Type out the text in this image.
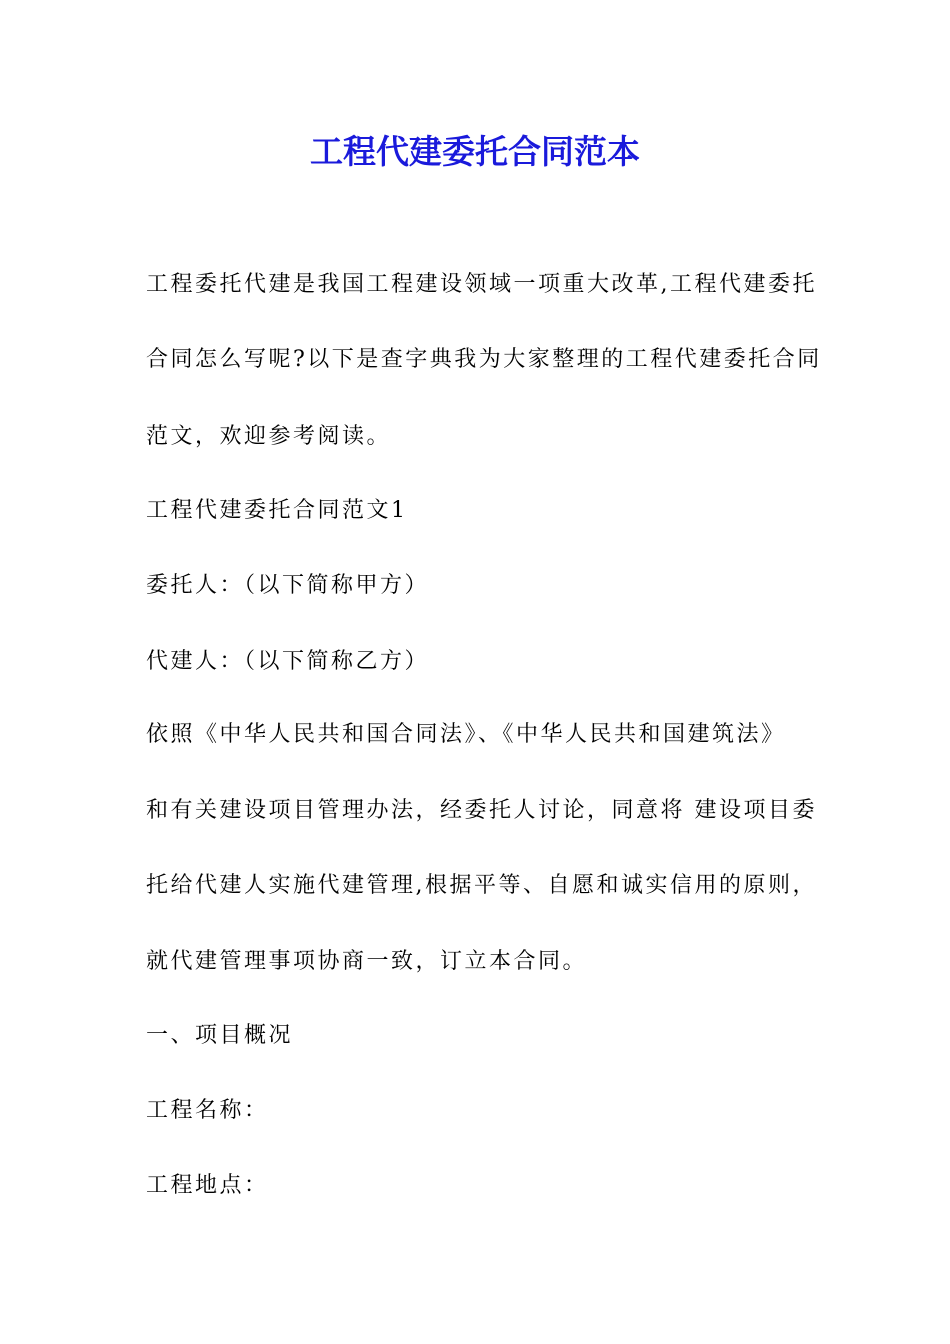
工程代建委托合同范本

工程委托代建是我国工程建设领域一项重大改革,工程代建委托

合同怎么写呢?以下是查字典我为大家整理的工程代建委托合同

范文，欢迎参考阅读。

工程代建委托合同范文1

委托人：（以下简称甲方）

代建人：（以下简称乙方）

依照《中华人民共和国合同法》、《中华人民共和国建筑法》

和有关建设项目管理办法，经委托人讨论，同意将 建设项目委

托给代建人实施代建管理,根据平等、自愿和诚实信用的原则，

就代建管理事项协商一致，订立本合同。

一、项目概况

工程名称：

工程地点：
